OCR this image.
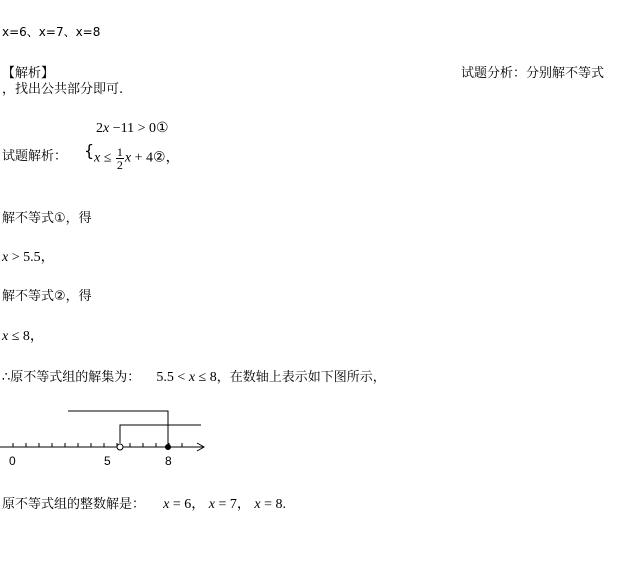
x=6、x=7、x=8
【解析】	试题分析：分别解不等式
，找出公共部分即可.
2x −11 > 0①
试题解析： { $x \le \frac{1}{2}$ x + 4②，
解不等式①，得
x > 5.5，
解不等式②，得
x ≤ 8，
∴原不等式组的解集为： 5.5 < x ≤ 8，在数轴上表示如下图所示，
0	5	8
原不等式组的整数解是： x = 6， x = 7， x = 8.
